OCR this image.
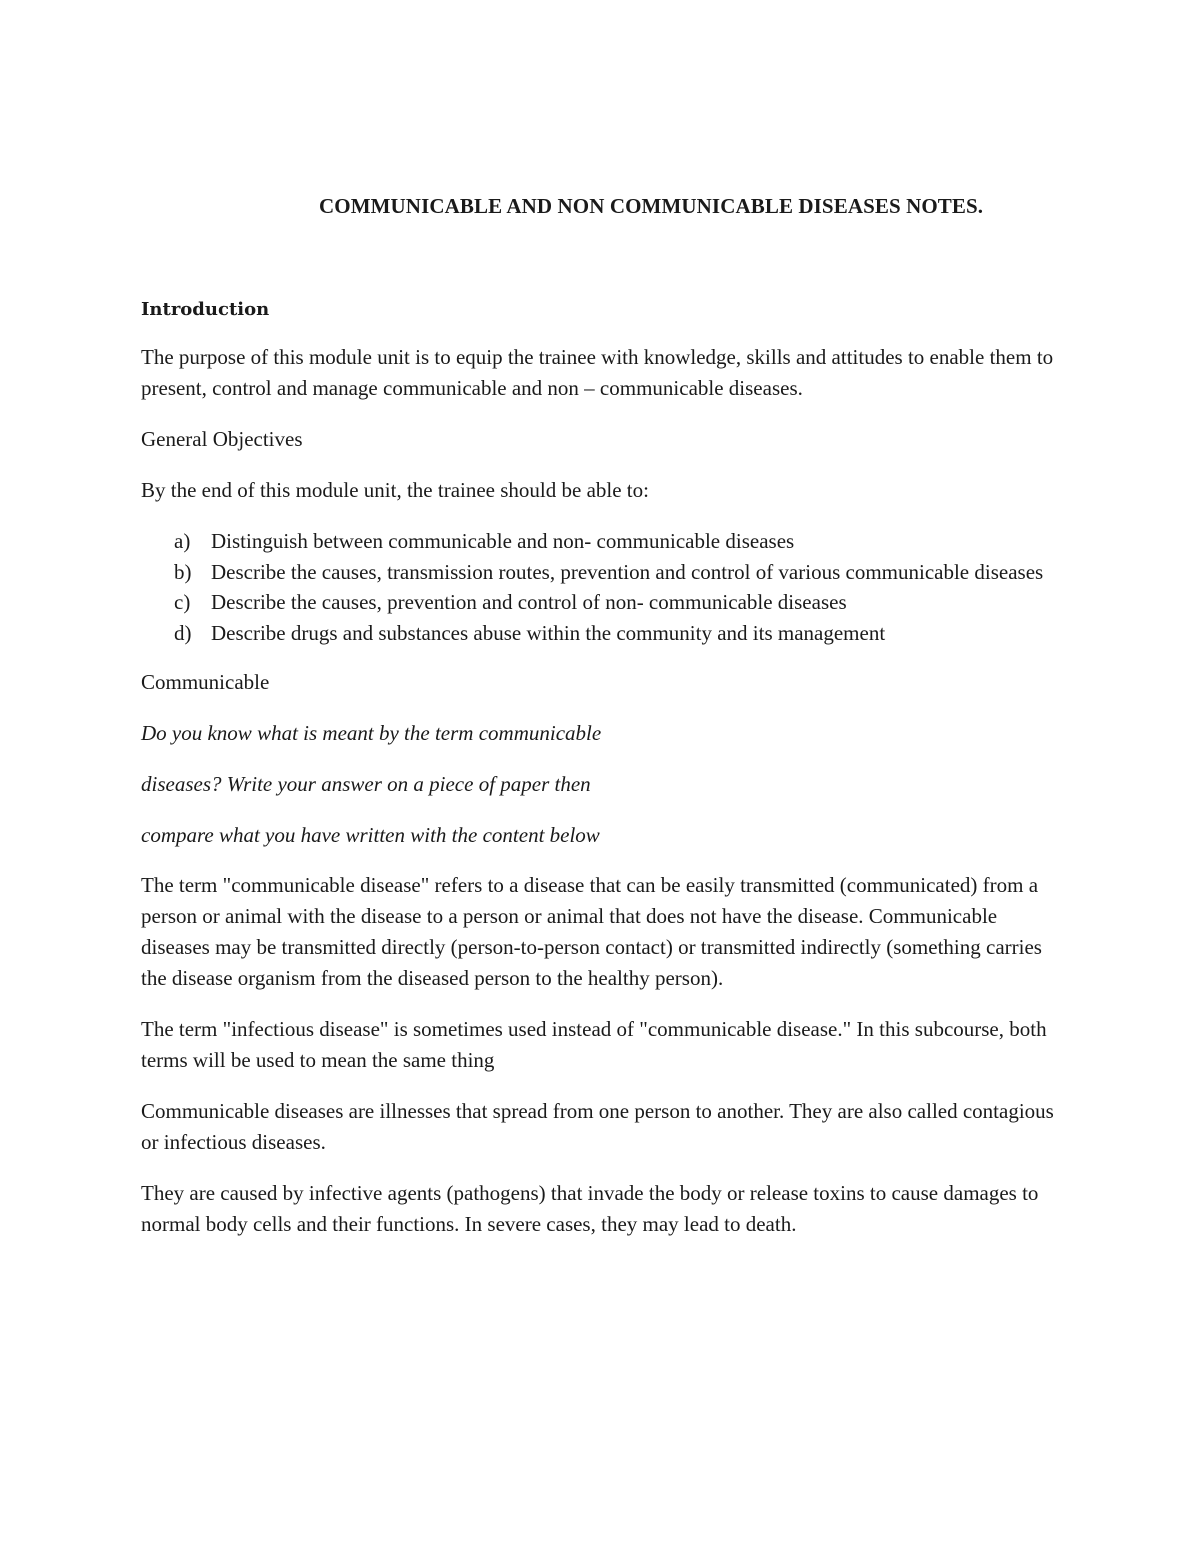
COMMUNICABLE AND NON COMMUNICABLE DISEASES NOTES.
Introduction

The purpose of this module unit is to equip the trainee with knowledge, skills and attitudes to enable them to present, control and manage communicable and non – communicable diseases.

General Objectives

By the end of this module unit, the trainee should be able to:

a) Distinguish between communicable and non- communicable diseases
b) Describe the causes, transmission routes, prevention and control of various communicable diseases
c) Describe the causes, prevention and control of non- communicable diseases
d) Describe drugs and substances abuse within the community and its management

Communicable

Do you know what is meant by the term communicable

diseases? Write your answer on a piece of paper then

compare what you have written with the content below

The term "communicable disease" refers to a disease that can be easily transmitted (communicated) from a person or animal with the disease to a person or animal that does not have the disease. Communicable diseases may be transmitted directly (person-to-person contact) or transmitted indirectly (something carries the disease organism from the diseased person to the healthy person).

The term "infectious disease" is sometimes used instead of "communicable disease." In this subcourse, both terms will be used to mean the same thing

Communicable diseases are illnesses that spread from one person to another. They are also called contagious or infectious diseases.

They are caused by infective agents (pathogens) that invade the body or release toxins to cause damages to normal body cells and their functions. In severe cases, they may lead to death.
